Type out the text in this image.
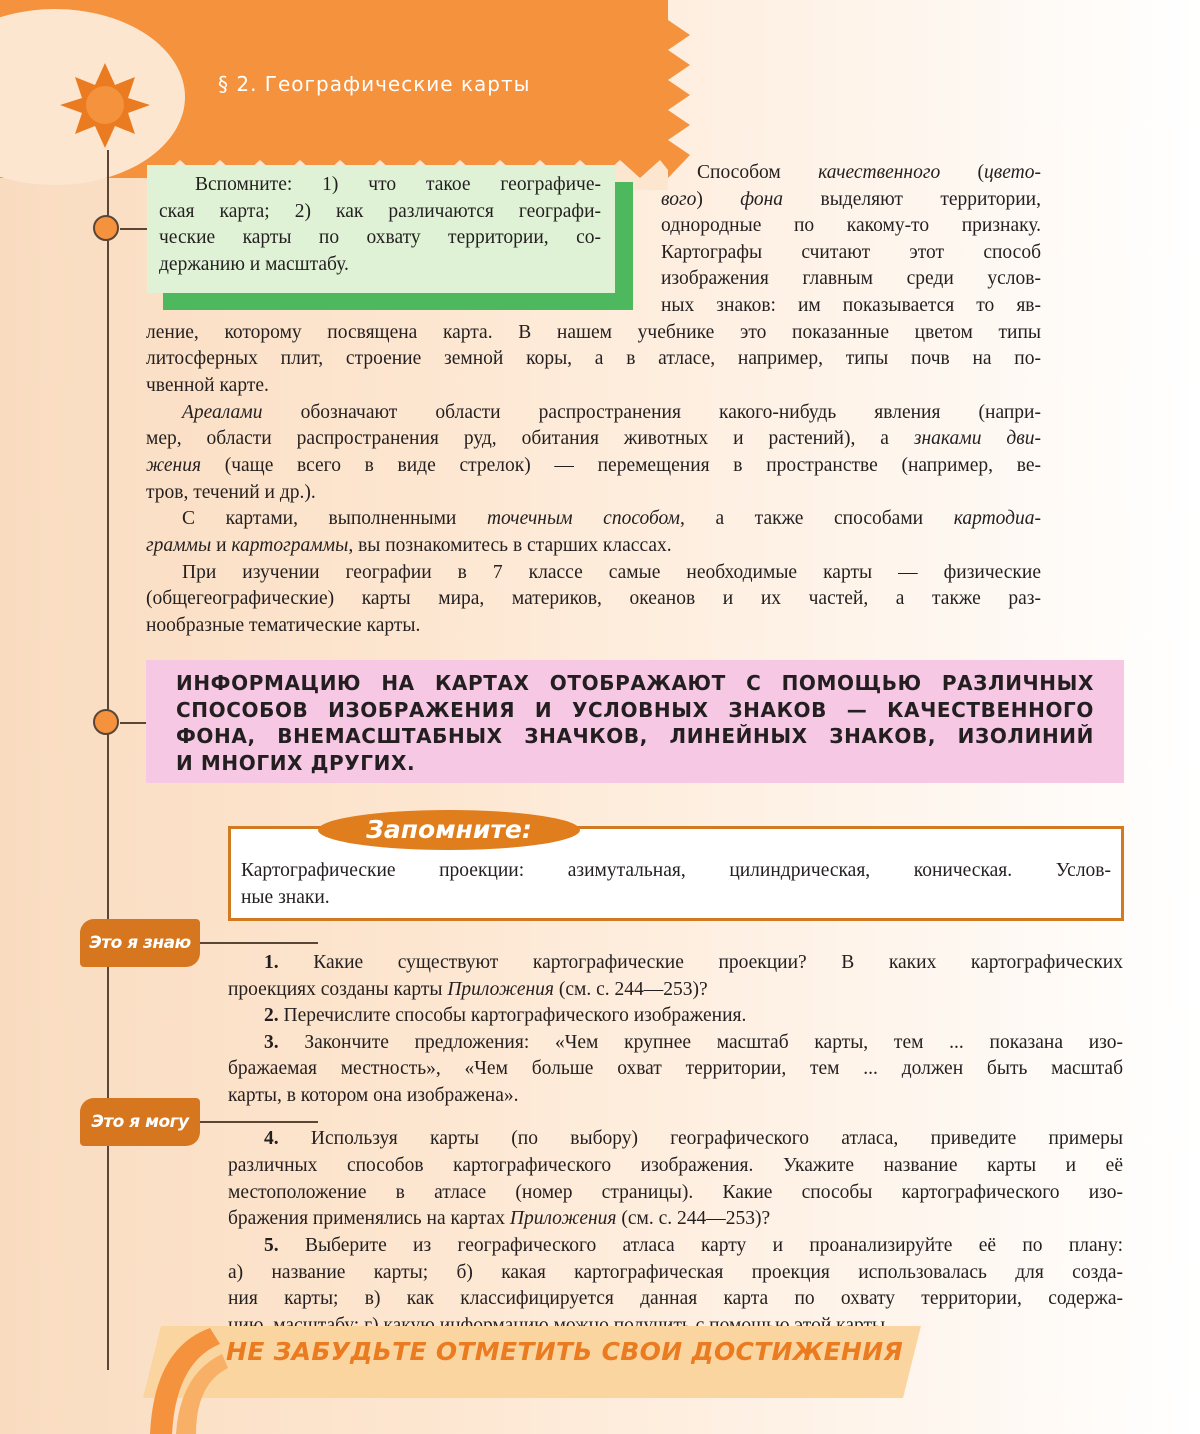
§ 2. Географические карты
Вспомните: 1) что такое географиче-
ская карта; 2) как различаются географи-
ческие карты по охвату территории, со-
держанию и масштабу.
Способом качественного (цвето-
вого) фона выделяют территории,
однородные по какому-то признаку.
Картографы считают этот способ
изображения главным среди услов-
ных знаков: им показывается то яв-
ление, которому посвящена карта. В нашем учебнике это показанные цветом типы
литосферных плит, строение земной коры, а в атласе, например, типы почв на по-
чвенной карте.
Ареалами обозначают области распространения какого-нибудь явления (напри-
мер, области распространения руд, обитания животных и растений), а знаками дви-
жения (чаще всего в виде стрелок) — перемещения в пространстве (например, ве-
тров, течений и др.).
С картами, выполненными точечным способом, а также способами картодиа-
граммы и картограммы, вы познакомитесь в старших классах.
При изучении географии в 7 классе самые необходимые карты — физические
(общегеографические) карты мира, материков, океанов и их частей, а также раз-
нообразные тематические карты.
ИНФОРМАЦИЮ НА КАРТАХ ОТОБРАЖАЮТ С ПОМОЩЬЮ РАЗЛИЧНЫХ
СПОСОБОВ ИЗОБРАЖЕНИЯ И УСЛОВНЫХ ЗНАКОВ — КАЧЕСТВЕННОГО
ФОНА, ВНЕМАСШТАБНЫХ ЗНАЧКОВ, ЛИНЕЙНЫХ ЗНАКОВ, ИЗОЛИНИЙ
И МНОГИХ ДРУГИХ.
Запомните:
Картографические проекции: азимутальная, цилиндрическая, коническая. Услов-
ные знаки.
Это я знаю
Это я могу
1. Какие существуют картографические проекции? В каких картографических
проекциях созданы карты Приложения (см. с. 244—253)?
2. Перечислите способы картографического изображения.
3. Закончите предложения: «Чем крупнее масштаб карты, тем ... показана изо-
бражаемая местность», «Чем больше охват территории, тем ... должен быть масштаб
карты, в котором она изображена».
4. Используя карты (по выбору) географического атласа, приведите примеры
различных способов картографического изображения. Укажите название карты и её
местоположение в атласе (номер страницы). Какие способы картографического изо-
бражения применялись на картах Приложения (см. с. 244—253)?
5. Выберите из географического атласа карту и проанализируйте её по плану:
а) название карты; б) какая картографическая проекция использовалась для созда-
ния карты; в) как классифицируется данная карта по охвату территории, содержа-
НЕ ЗАБУДЬТЕ ОТМЕТИТЬ СВОИ ДОСТИЖЕНИЯ
